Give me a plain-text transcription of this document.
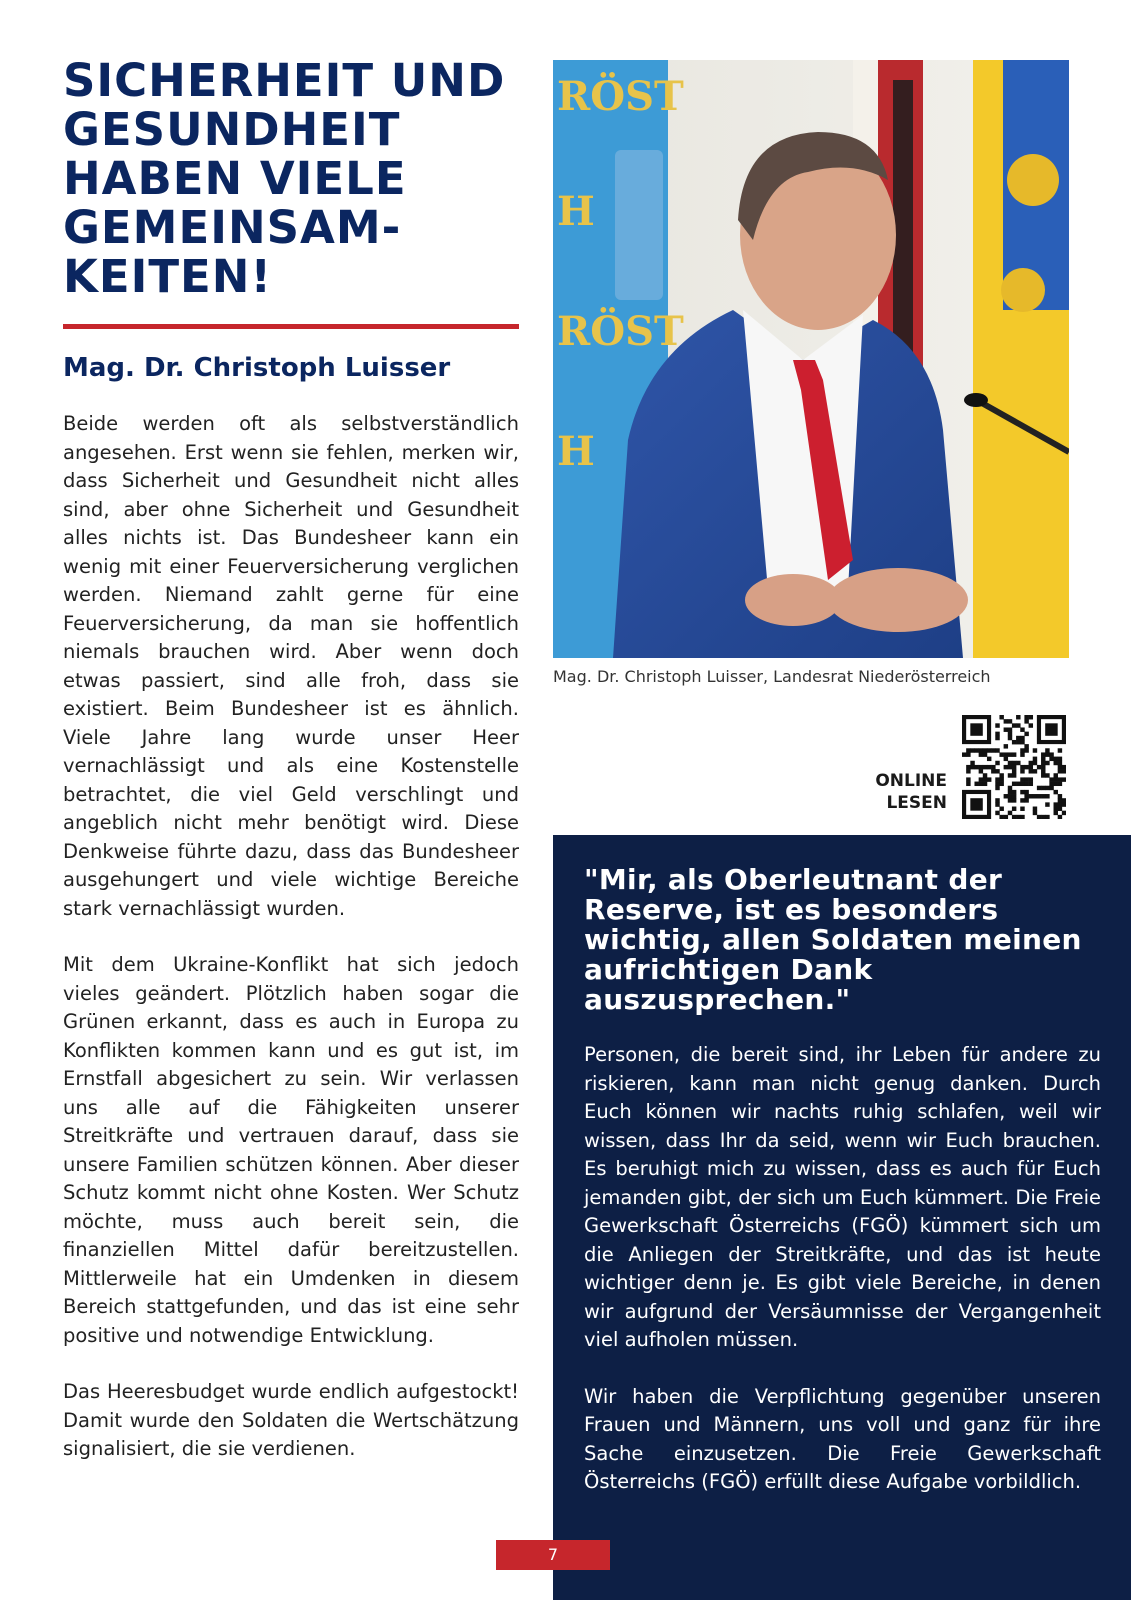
SICHERHEIT UND
GESUNDHEIT
HABEN VIELE
GEMEINSAM-
KEITEN!
Mag. Dr. Christoph Luisser

Beide werden oft als selbstverständlich angesehen. Erst wenn sie fehlen, merken wir, dass Sicherheit und Gesundheit nicht alles sind, aber ohne Sicherheit und Gesundheit alles nichts ist. Das Bundesheer kann ein wenig mit einer Feuerversicherung verglichen werden. Niemand zahlt gerne für eine Feuerversicherung, da man sie hoffentlich niemals brauchen wird. Aber wenn doch etwas passiert, sind alle froh, dass sie existiert. Beim Bundesheer ist es ähnlich. Viele Jahre lang wurde unser Heer vernachlässigt und als eine Kostenstelle betrachtet, die viel Geld verschlingt und angeblich nicht mehr benötigt wird. Diese Denkweise führte dazu, dass das Bundesheer ausgehungert und viele wichtige Bereiche stark vernachlässigt wurden.

Mit dem Ukraine-Konflikt hat sich jedoch vieles geändert. Plötzlich haben sogar die Grünen erkannt, dass es auch in Europa zu Konflikten kommen kann und es gut ist, im Ernstfall abgesichert zu sein. Wir verlassen uns alle auf die Fähigkeiten unserer Streitkräfte und vertrauen darauf, dass sie unsere Familien schützen können. Aber dieser Schutz kommt nicht ohne Kosten. Wer Schutz möchte, muss auch bereit sein, die finanziellen Mittel dafür bereitzustellen. Mittlerweile hat ein Umdenken in diesem Bereich stattgefunden, und das ist eine sehr positive und notwendige Entwicklung.

Das Heeresbudget wurde endlich aufgestockt! Damit wurde den Soldaten die Wertschätzung signalisiert, die sie verdienen.

RÖST
H
RÖST
H

Mag. Dr. Christoph Luisser, Landesrat Niederösterreich

ONLINE
LESEN

"Mir, als Oberleutnant der Reserve, ist es besonders wichtig, allen Soldaten meinen aufrichtigen Dank auszusprechen."

Personen, die bereit sind, ihr Leben für andere zu riskieren, kann man nicht genug danken. Durch Euch können wir nachts ruhig schlafen, weil wir wissen, dass Ihr da seid, wenn wir Euch brauchen. Es beruhigt mich zu wissen, dass es auch für Euch jemanden gibt, der sich um Euch kümmert. Die Freie Gewerkschaft Österreichs (FGÖ) kümmert sich um die Anliegen der Streitkräfte, und das ist heute wichtiger denn je. Es gibt viele Bereiche, in denen wir aufgrund der Versäumnisse der Vergangenheit viel aufholen müssen.

Wir haben die Verpflichtung gegenüber unseren Frauen und Männern, uns voll und ganz für ihre Sache einzusetzen. Die Freie Gewerkschaft Österreichs (FGÖ) erfüllt diese Aufgabe vorbildlich.

7
